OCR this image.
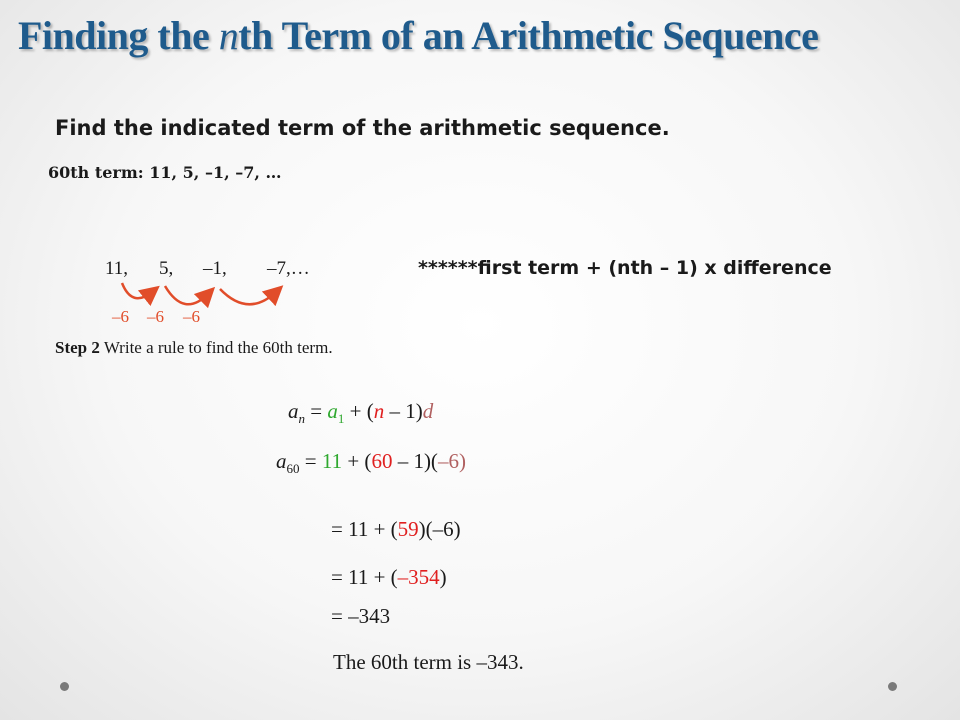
Finding the nth Term of an Arithmetic Sequence
Find the indicated term of the arithmetic sequence.
60th term: 11, 5, –1, –7, …
11, 5, –1, –7,…	******first term + (nth – 1) x difference
–6 –6 –6
Step 2 Write a rule to find the 60th term.
$a_n = a_1 + (n - 1)d$
$a_{60} = 11 + (60 - 1)(-6)$
= 11 + (59)(–6)
= 11 + (–354)
= –343
The 60th term is –343.
